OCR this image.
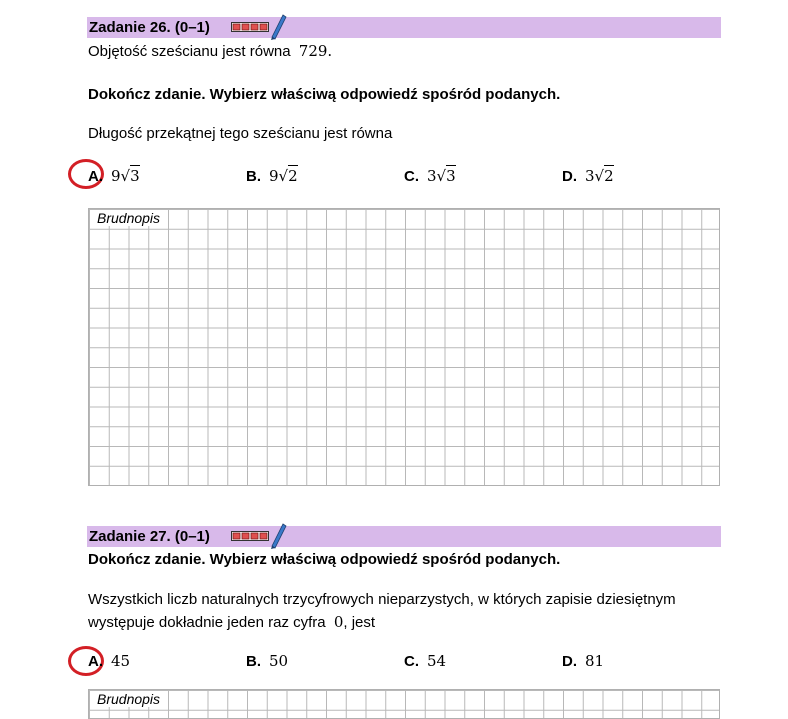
Zadanie 26. (0–1)
Objętość sześcianu jest równa 729.
Dokończ zdanie. Wybierz właściwą odpowiedź spośród podanych.
Długość przekątnej tego sześcianu jest równa
A. 9 √ 3	B. 9 √ 2	C. 3 √ 3	D. 3 √ 2
Brudnopis
Zadanie 27. (0–1)
Dokończ zdanie. Wybierz właściwą odpowiedź spośród podanych.
Wszystkich liczb naturalnych trzycyfrowych nieparzystych, w których zapisie dziesiętnym
występuje dokładnie jeden raz cyfra 0, jest
A. 45	B. 50	C. 54	D. 81
Brudnopis
